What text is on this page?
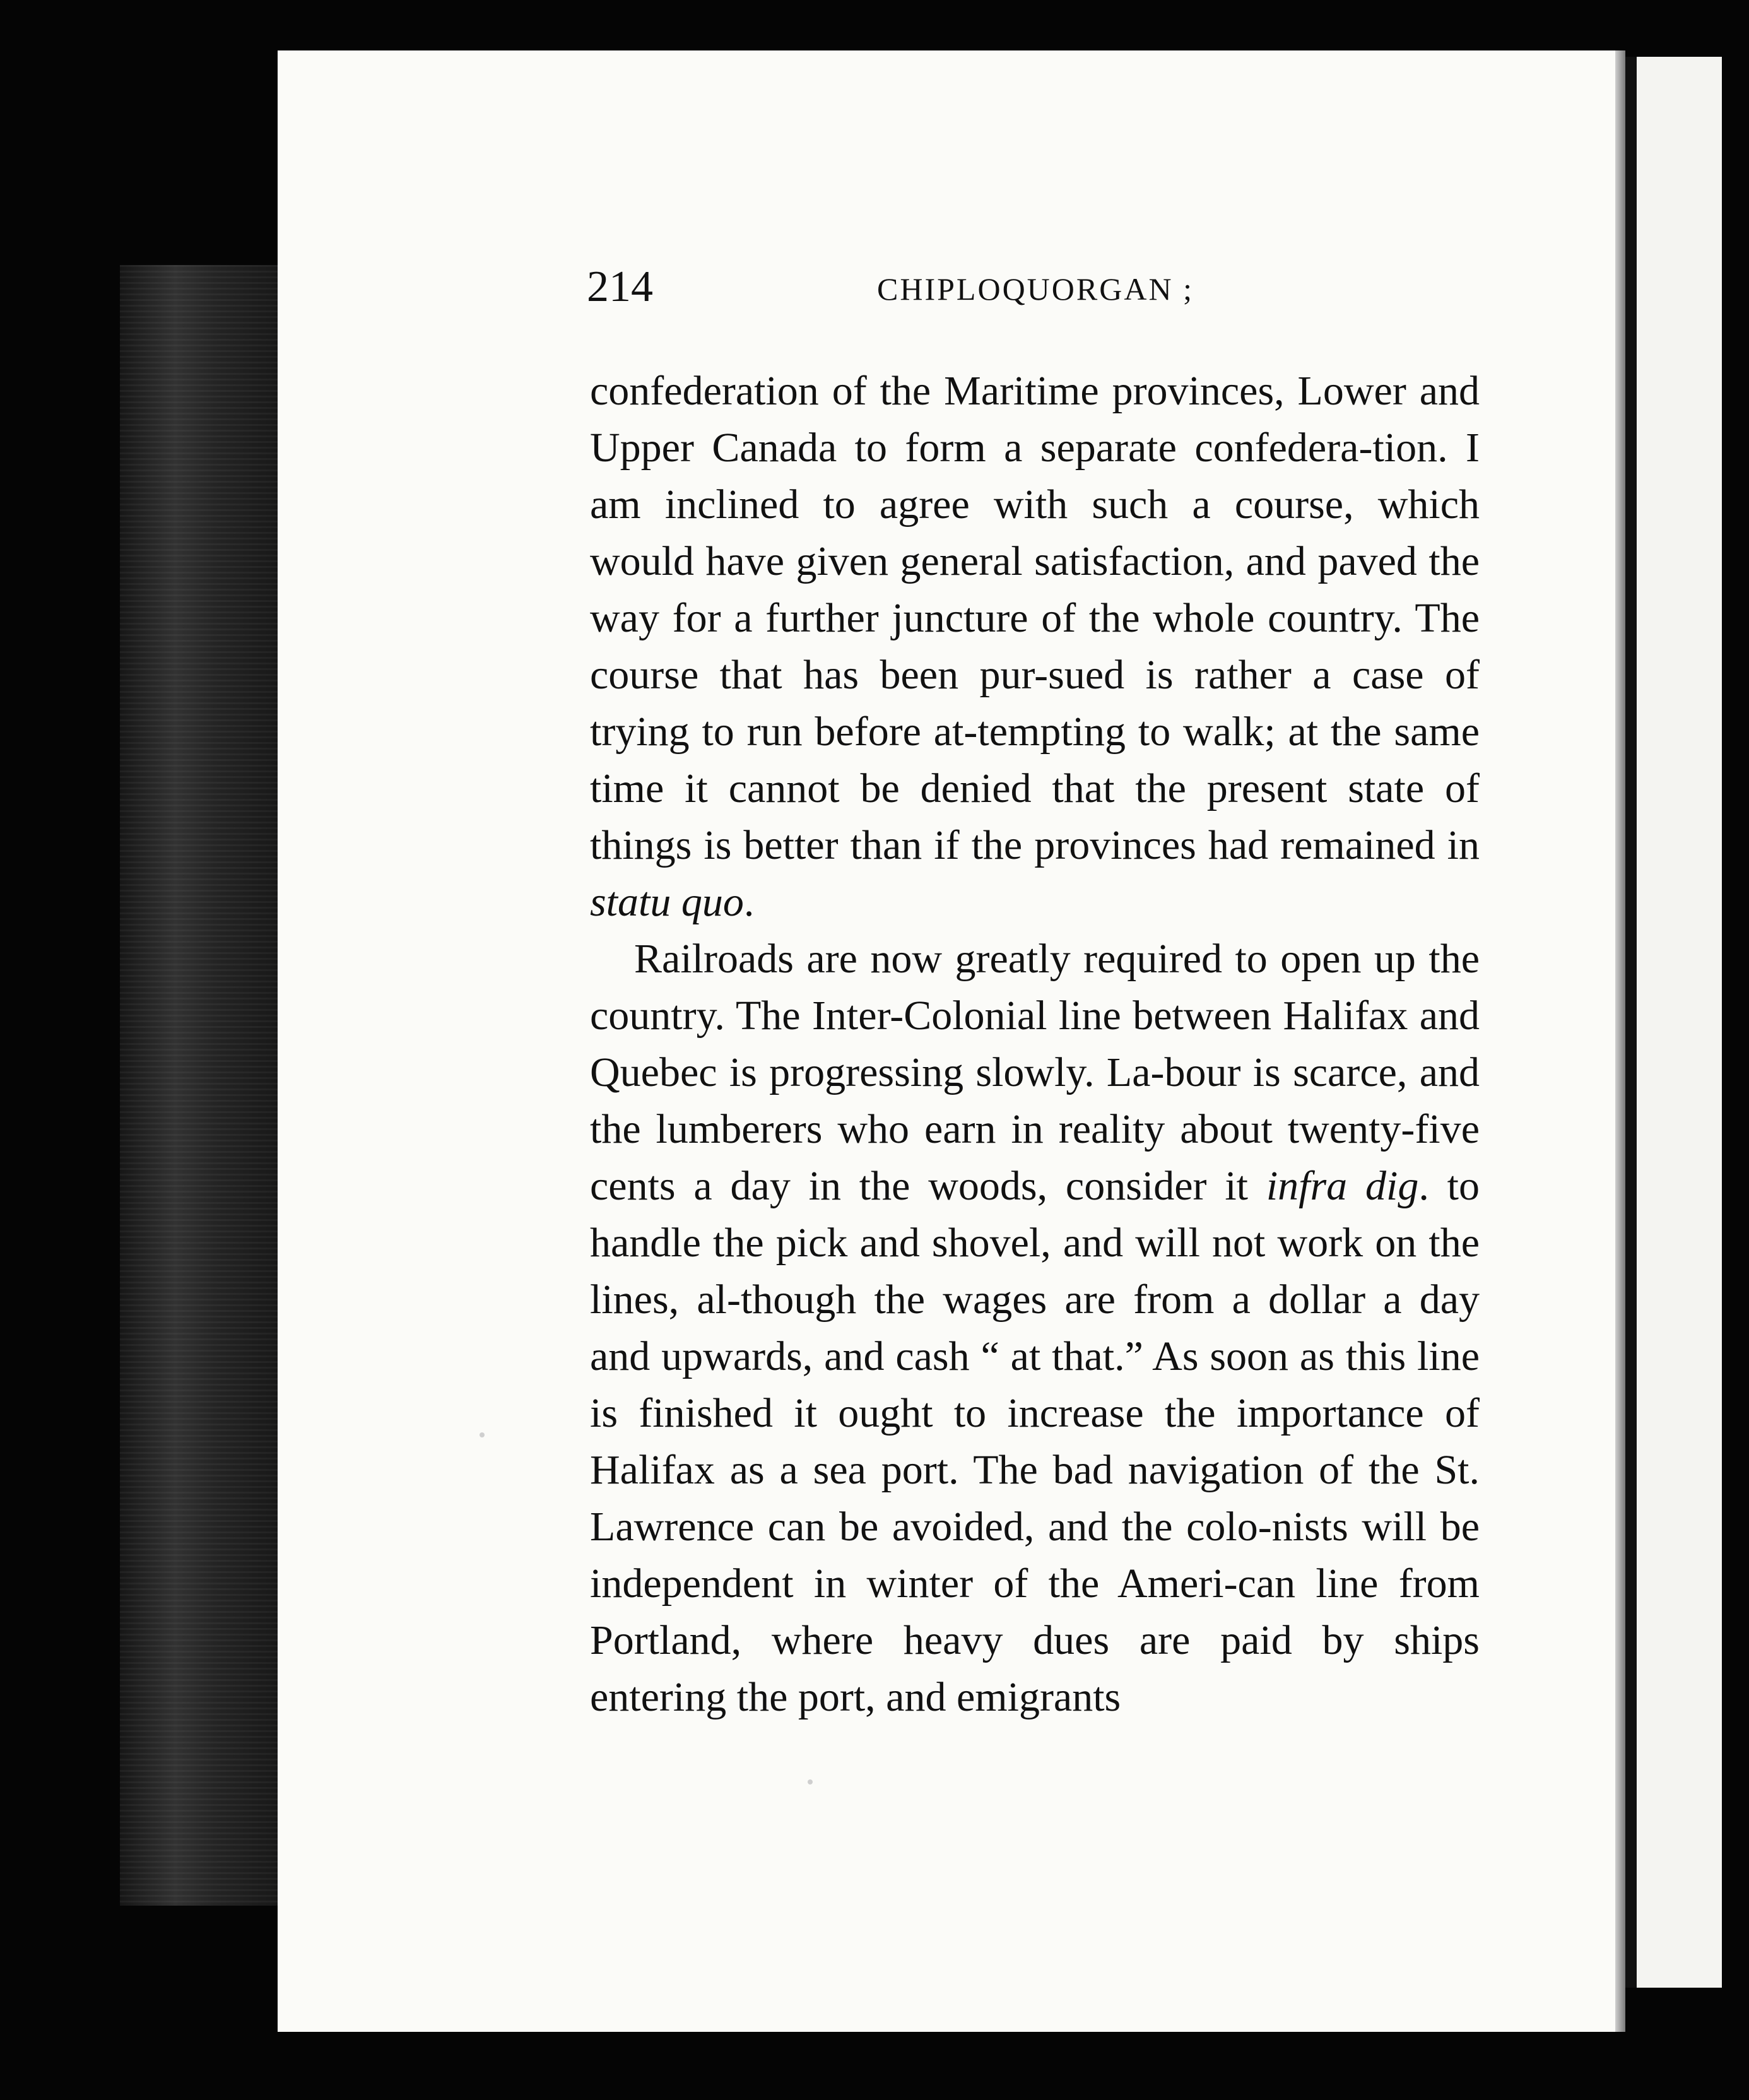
214	CHIPLOQUORGAN ;

confederation of the Maritime provinces, Lower and Upper Canada to form a separate confedera-tion. I am inclined to agree with such a course, which would have given general satisfaction, and paved the way for a further juncture of the whole country. The course that has been pur-sued is rather a case of trying to run before at-tempting to walk; at the same time it cannot be denied that the present state of things is better than if the provinces had remained in statu quo.

Railroads are now greatly required to open up the country. The Inter-Colonial line between Halifax and Quebec is progressing slowly. La-bour is scarce, and the lumberers who earn in reality about twenty-five cents a day in the woods, consider it infra dig. to handle the pick and shovel, and will not work on the lines, al-though the wages are from a dollar a day and upwards, and cash “ at that.” As soon as this line is finished it ought to increase the importance of Halifax as a sea port. The bad navigation of the St. Lawrence can be avoided, and the colo-nists will be independent in winter of the Ameri-can line from Portland, where heavy dues are paid by ships entering the port, and emigrants
